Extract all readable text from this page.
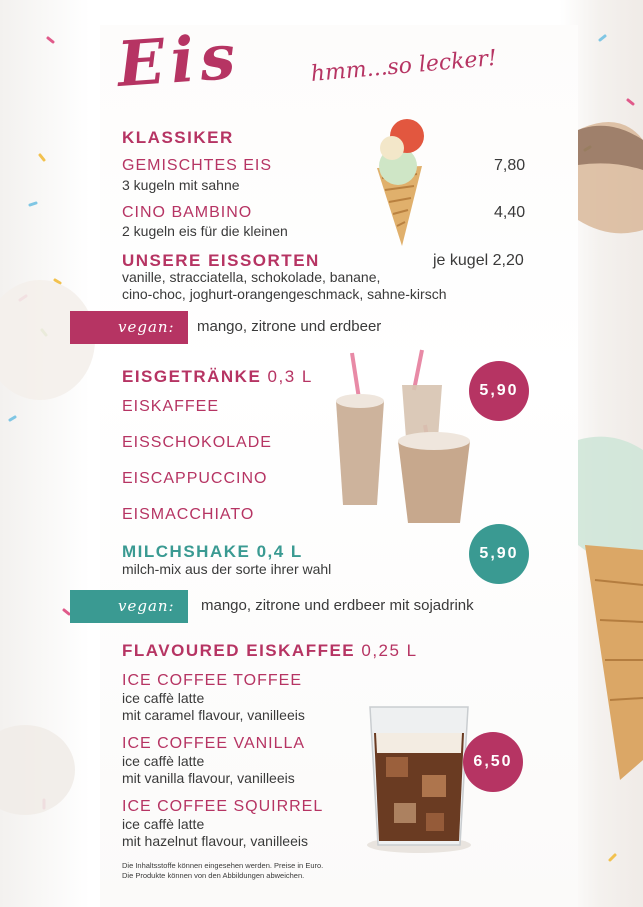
Eis	hmm...so lecker!
KLASSIKER
GEMISCHTES EIS
3 kugeln mit sahne
7,80
CINO BAMBINO
2 kugeln eis für die kleinen
4,40
UNSERE EISSORTEN	je kugel 2,20
vanille, stracciatella, schokolade, banane,
cino-choc, joghurt-orangengeschmack, sahne-kirsch
vegan: mango, zitrone und erdbeer
EISGETRÄNKE 0,3 L
EISKAFFEE
EISSCHOKOLADE
EISCAPPUCCINO
EISMACCHIATO
5,90
MILCHSHAKE 0,4 L
milch-mix aus der sorte ihrer wahl
5,90
vegan: mango, zitrone und erdbeer mit sojadrink
FLAVOURED EISKAFFEE 0,25 L
ICE COFFEE TOFFEE
ice caffè latte
mit caramel flavour, vanilleeis
ICE COFFEE VANILLA
ice caffè latte
mit vanilla flavour, vanilleeis
ICE COFFEE SQUIRREL
ice caffè latte
mit hazelnut flavour, vanilleeis
6,50
Die Inhaltsstoffe können eingesehen werden. Preise in Euro.
Die Produkte können von den Abbildungen abweichen.
